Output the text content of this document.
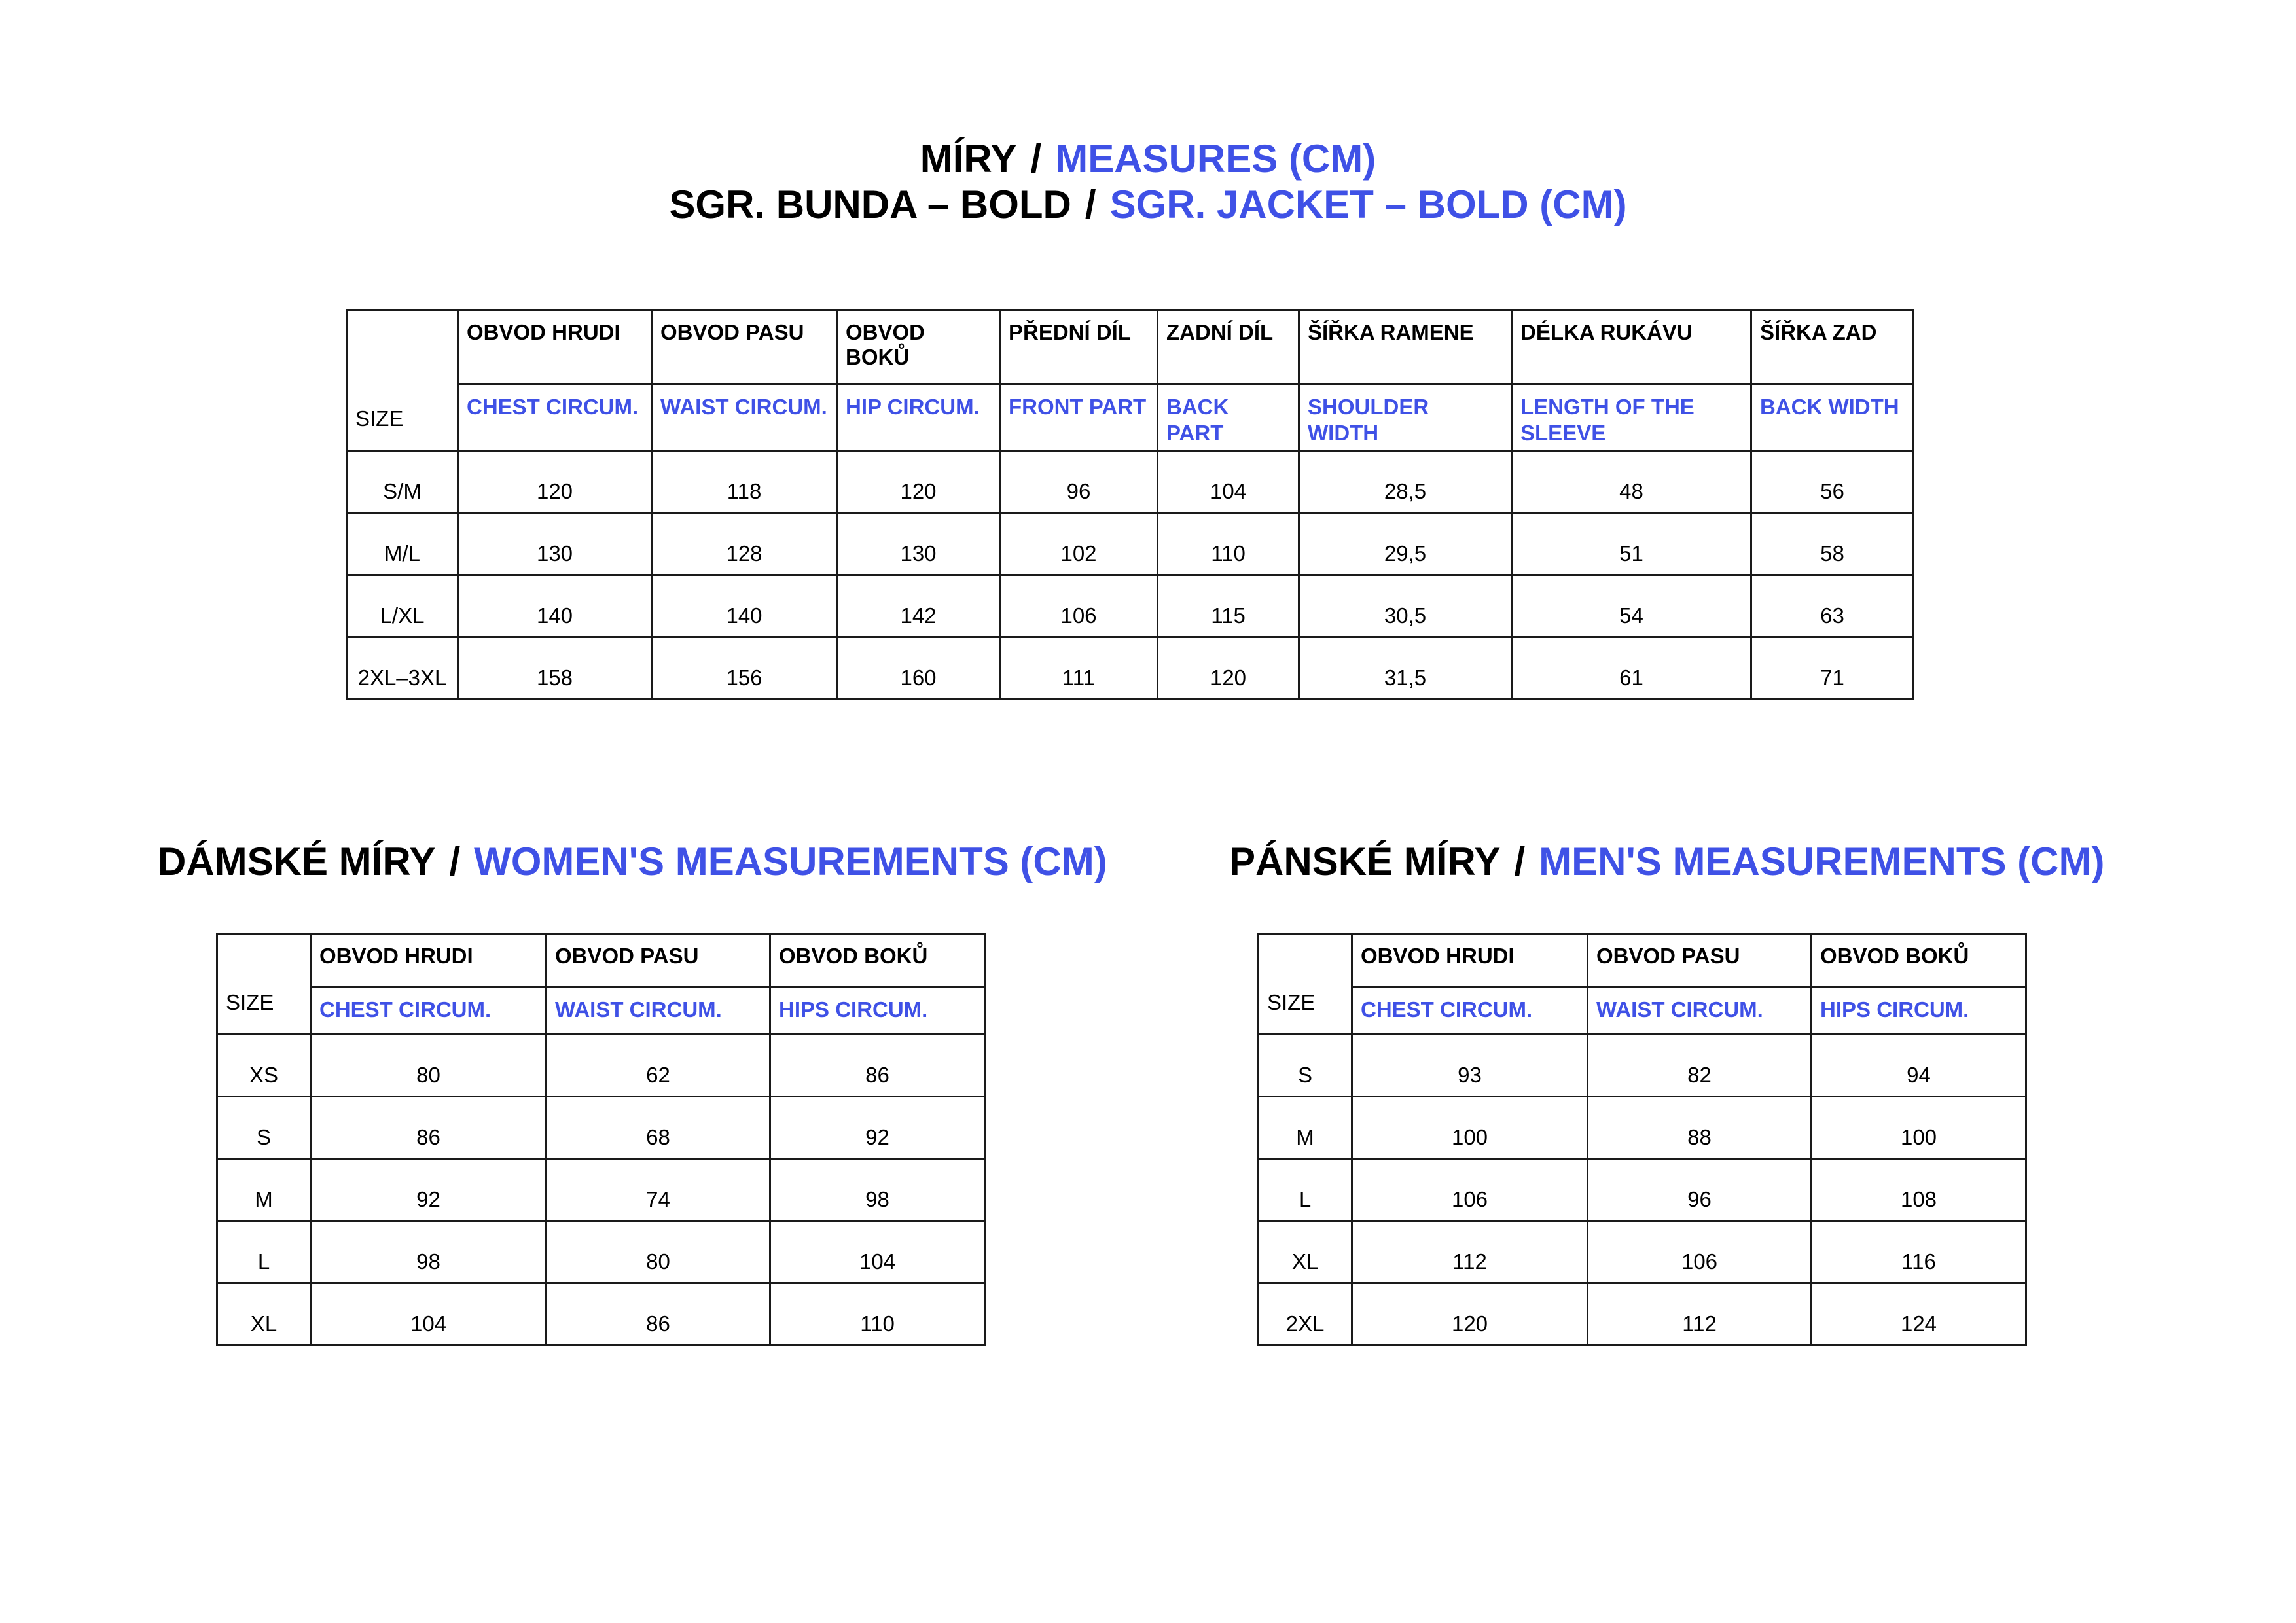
MÍRY / MEASURES (CM)
SGR. BUNDA – BOLD / SGR. JACKET – BOLD (CM)
SIZE	OBVOD HRUDI	OBVOD PASU	OBVOD BOKŮ	PŘEDNÍ DÍL	ZADNÍ DÍL	ŠÍŘKA RAMENE	DÉLKA RUKÁVU	ŠÍŘKA ZAD
	CHEST CIRCUM.	WAIST CIRCUM.	HIP CIRCUM.	FRONT PART	BACK PART	SHOULDER WIDTH	LENGTH OF THE SLEEVE	BACK WIDTH
S/M	120	118	120	96	104	28,5	48	56
M/L	130	128	130	102	110	29,5	51	58
L/XL	140	140	142	106	115	30,5	54	63
2XL–3XL	158	156	160	111	120	31,5	61	71
DÁMSKÉ MÍRY / WOMEN'S MEASUREMENTS (CM)
SIZE	OBVOD HRUDI	OBVOD PASU	OBVOD BOKŮ
	CHEST CIRCUM.	WAIST CIRCUM.	HIPS CIRCUM.
XS	80	62	86
S	86	68	92
M	92	74	98
L	98	80	104
XL	104	86	110
PÁNSKÉ MÍRY / MEN'S MEASUREMENTS (CM)
SIZE	OBVOD HRUDI	OBVOD PASU	OBVOD BOKŮ
	CHEST CIRCUM.	WAIST CIRCUM.	HIPS CIRCUM.
S	93	82	94
M	100	88	100
L	106	96	108
XL	112	106	116
2XL	120	112	124
